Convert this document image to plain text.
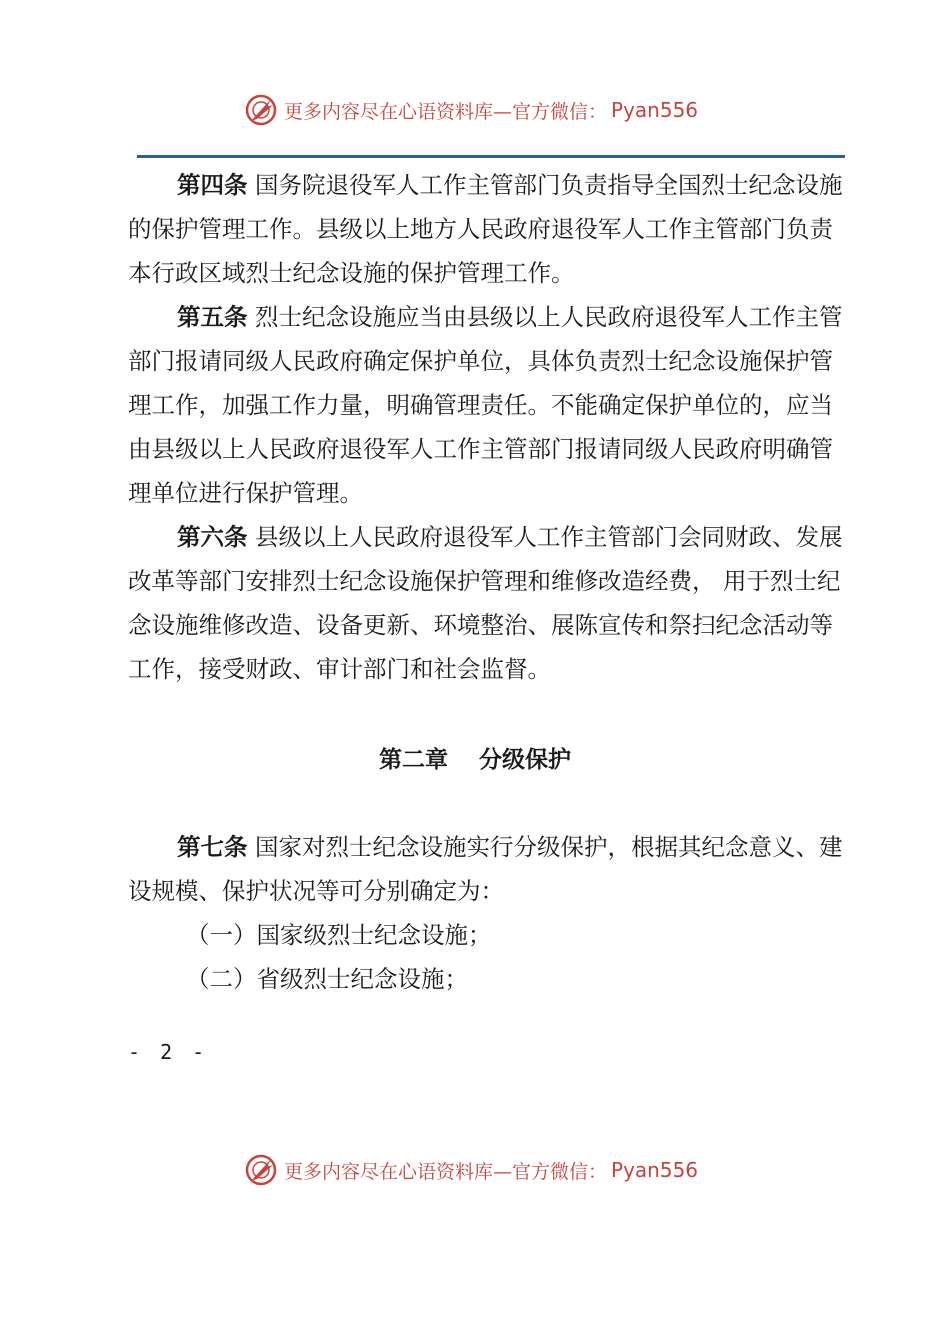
更多内容尽在心语资料库—官方微信： Pyan556

第四条 国务院退役军人工作主管部门负责指导全国烈士纪念设施的保护管理工作。县级以上地方人民政府退役军人工作主管部门负责本行政区域烈士纪念设施的保护管理工作。

第五条 烈士纪念设施应当由县级以上人民政府退役军人工作主管部门报请同级人民政府确定保护单位，具体负责烈士纪念设施保护管理工作，加强工作力量，明确管理责任。不能确定保护单位的，应当由县级以上人民政府退役军人工作主管部门报请同级人民政府明确管理单位进行保护管理。

第六条 县级以上人民政府退役军人工作主管部门会同财政、发展改革等部门安排烈士纪念设施保护管理和维修改造经费， 用于烈士纪念设施维修改造、设备更新、环境整治、展陈宣传和祭扫纪念活动等工作，接受财政、审计部门和社会监督。

第二章　 分级保护

第七条 国家对烈士纪念设施实行分级保护，根据其纪念意义、建设规模、保护状况等可分别确定为：

（一）国家级烈士纪念设施；

（二）省级烈士纪念设施；

- 2 -
更多内容尽在心语资料库—官方微信： Pyan556
